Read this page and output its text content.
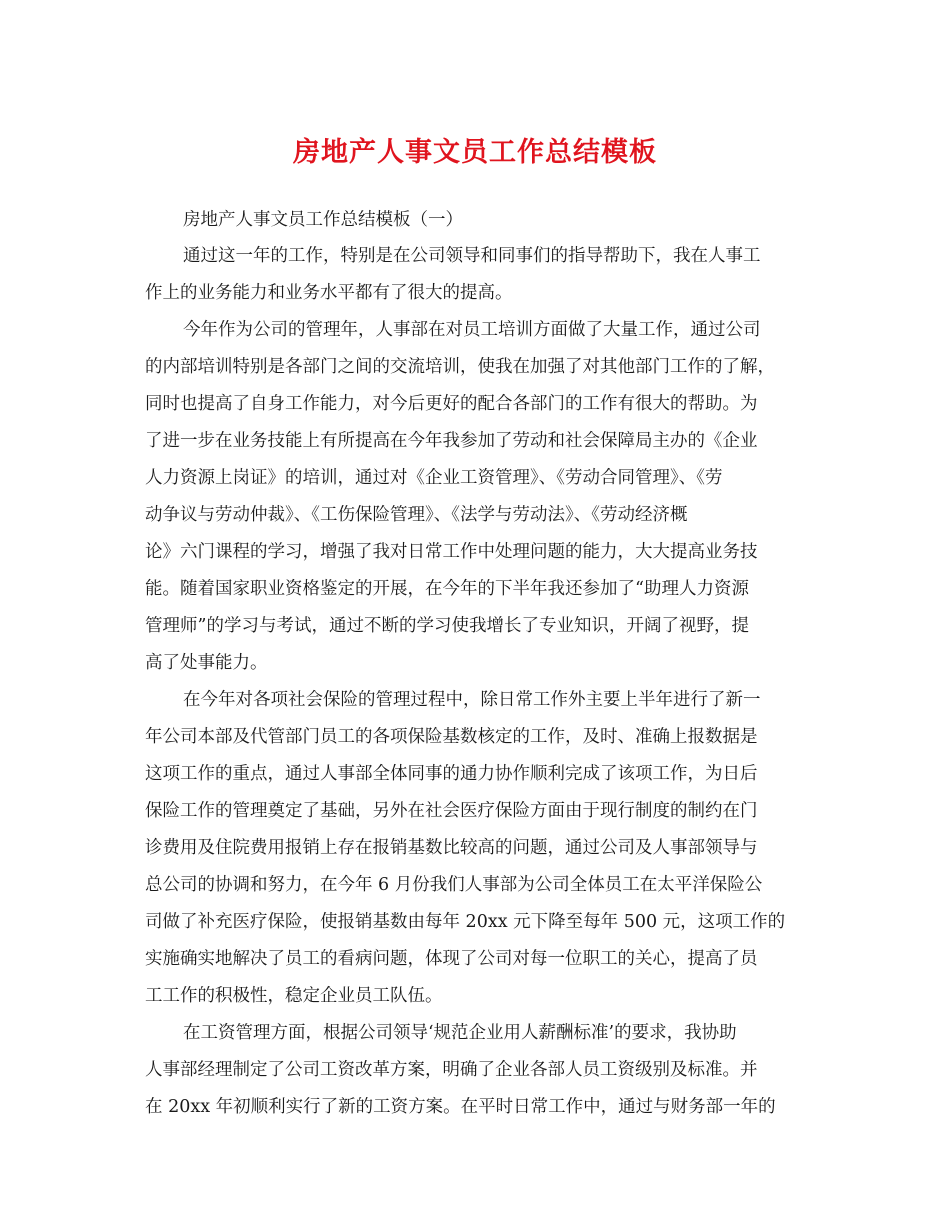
房地产人事文员工作总结模板
房地产人事文员工作总结模板（一）
通过这一年的工作，特别是在公司领导和同事们的指导帮助下，我在人事工
作上的业务能力和业务水平都有了很大的提高。
今年作为公司的管理年，人事部在对员工培训方面做了大量工作，通过公司
的内部培训特别是各部门之间的交流培训，使我在加强了对其他部门工作的了解，
同时也提高了自身工作能力，对今后更好的配合各部门的工作有很大的帮助。为
了进一步在业务技能上有所提高在今年我参加了劳动和社会保障局主办的《企业
人力资源上岗证》的培训，通过对《企业工资管理》、《劳动合同管理》、《劳
动争议与劳动仲裁》、《工伤保险管理》、《法学与劳动法》、《劳动经济概
论》六门课程的学习，增强了我对日常工作中处理问题的能力，大大提高业务技
能。随着国家职业资格鉴定的开展，在今年的下半年我还参加了“助理人力资源
管理师”的学习与考试，通过不断的学习使我增长了专业知识，开阔了视野，提
高了处事能力。
在今年对各项社会保险的管理过程中，除日常工作外主要上半年进行了新一
年公司本部及代管部门员工的各项保险基数核定的工作，及时、准确上报数据是
这项工作的重点，通过人事部全体同事的通力协作顺利完成了该项工作，为日后
保险工作的管理奠定了基础，另外在社会医疗保险方面由于现行制度的制约在门
诊费用及住院费用报销上存在报销基数比较高的问题，通过公司及人事部领导与
总公司的协调和努力，在今年 6 月份我们人事部为公司全体员工在太平洋保险公
司做了补充医疗保险，使报销基数由每年 20xx 元下降至每年 500 元，这项工作的
实施确实地解决了员工的看病问题，体现了公司对每一位职工的关心，提高了员
工工作的积极性，稳定企业员工队伍。
在工资管理方面，根据公司领导‘规范企业用人薪酬标准’的要求，我协助
人事部经理制定了公司工资改革方案，明确了企业各部人员工资级别及标准。并
在 20xx 年初顺利实行了新的工资方案。在平时日常工作中，通过与财务部一年的
